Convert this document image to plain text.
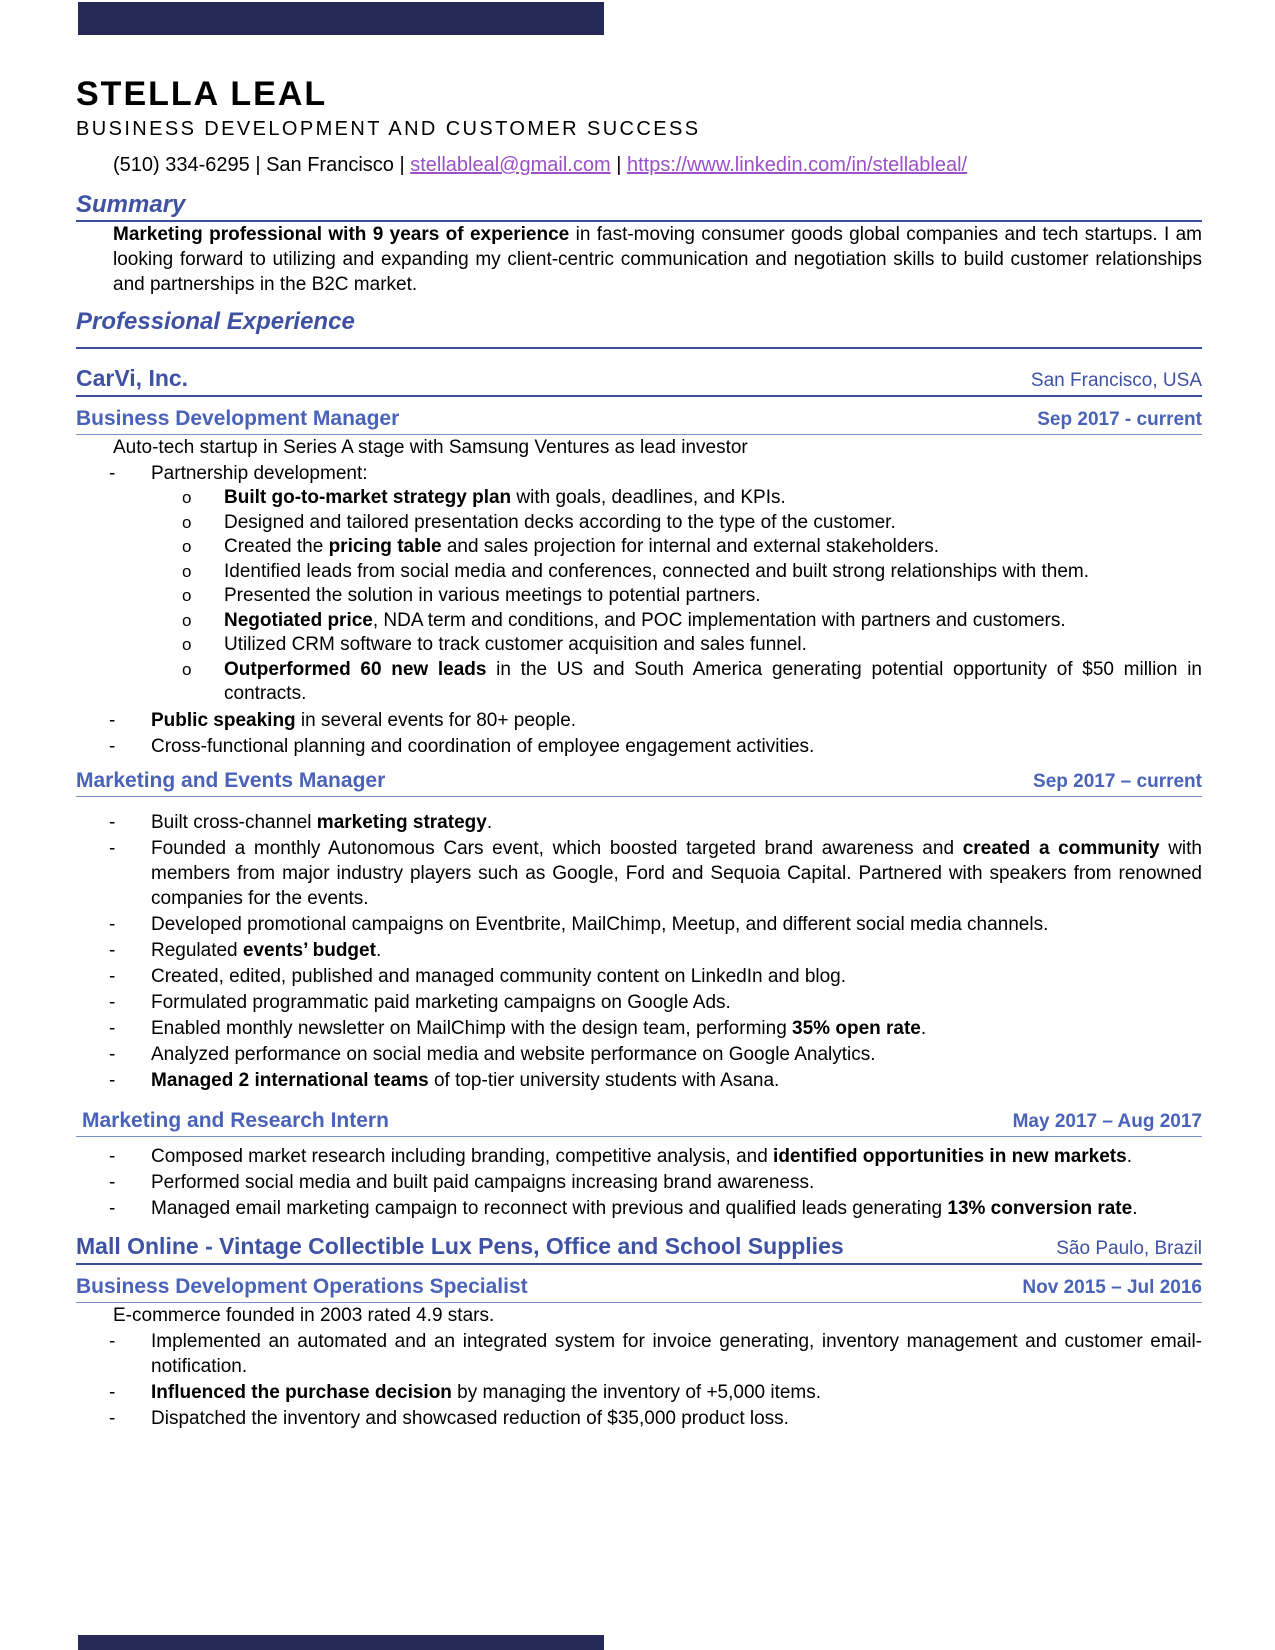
STELLA LEAL
BUSINESS DEVELOPMENT AND CUSTOMER SUCCESS
(510) 334-6295 | San Francisco | stellableal@gmail.com | https://www.linkedin.com/in/stellableal/
Summary
Marketing professional with 9 years of experience in fast-moving consumer goods global companies and tech startups. I am looking forward to utilizing and expanding my client-centric communication and negotiation skills to build customer relationships and partnerships in the B2C market.
Professional Experience
CarVi, Inc.	San Francisco, USA
Business Development Manager	Sep 2017 - current
Auto-tech startup in Series A stage with Samsung Ventures as lead investor
- Partnership development:
o Built go-to-market strategy plan with goals, deadlines, and KPIs.
o Designed and tailored presentation decks according to the type of the customer.
o Created the pricing table and sales projection for internal and external stakeholders.
o Identified leads from social media and conferences, connected and built strong relationships with them.
o Presented the solution in various meetings to potential partners.
o Negotiated price, NDA term and conditions, and POC implementation with partners and customers.
o Utilized CRM software to track customer acquisition and sales funnel.
o Outperformed 60 new leads in the US and South America generating potential opportunity of $50 million in contracts.
- Public speaking in several events for 80+ people.
- Cross-functional planning and coordination of employee engagement activities.
Marketing and Events Manager	Sep 2017 – current
- Built cross-channel marketing strategy.
- Founded a monthly Autonomous Cars event, which boosted targeted brand awareness and created a community with members from major industry players such as Google, Ford and Sequoia Capital. Partnered with speakers from renowned companies for the events.
- Developed promotional campaigns on Eventbrite, MailChimp, Meetup, and different social media channels.
- Regulated events’ budget.
- Created, edited, published and managed community content on LinkedIn and blog.
- Formulated programmatic paid marketing campaigns on Google Ads.
- Enabled monthly newsletter on MailChimp with the design team, performing 35% open rate.
- Analyzed performance on social media and website performance on Google Analytics.
- Managed 2 international teams of top-tier university students with Asana.
Marketing and Research Intern	May 2017 – Aug 2017
- Composed market research including branding, competitive analysis, and identified opportunities in new markets.
- Performed social media and built paid campaigns increasing brand awareness.
- Managed email marketing campaign to reconnect with previous and qualified leads generating 13% conversion rate.
Mall Online - Vintage Collectible Lux Pens, Office and School Supplies	São Paulo, Brazil
Business Development Operations Specialist	Nov 2015 – Jul 2016
E-commerce founded in 2003 rated 4.9 stars.
- Implemented an automated and an integrated system for invoice generating, inventory management and customer email-notification.
- Influenced the purchase decision by managing the inventory of +5,000 items.
- Dispatched the inventory and showcased reduction of $35,000 product loss.
